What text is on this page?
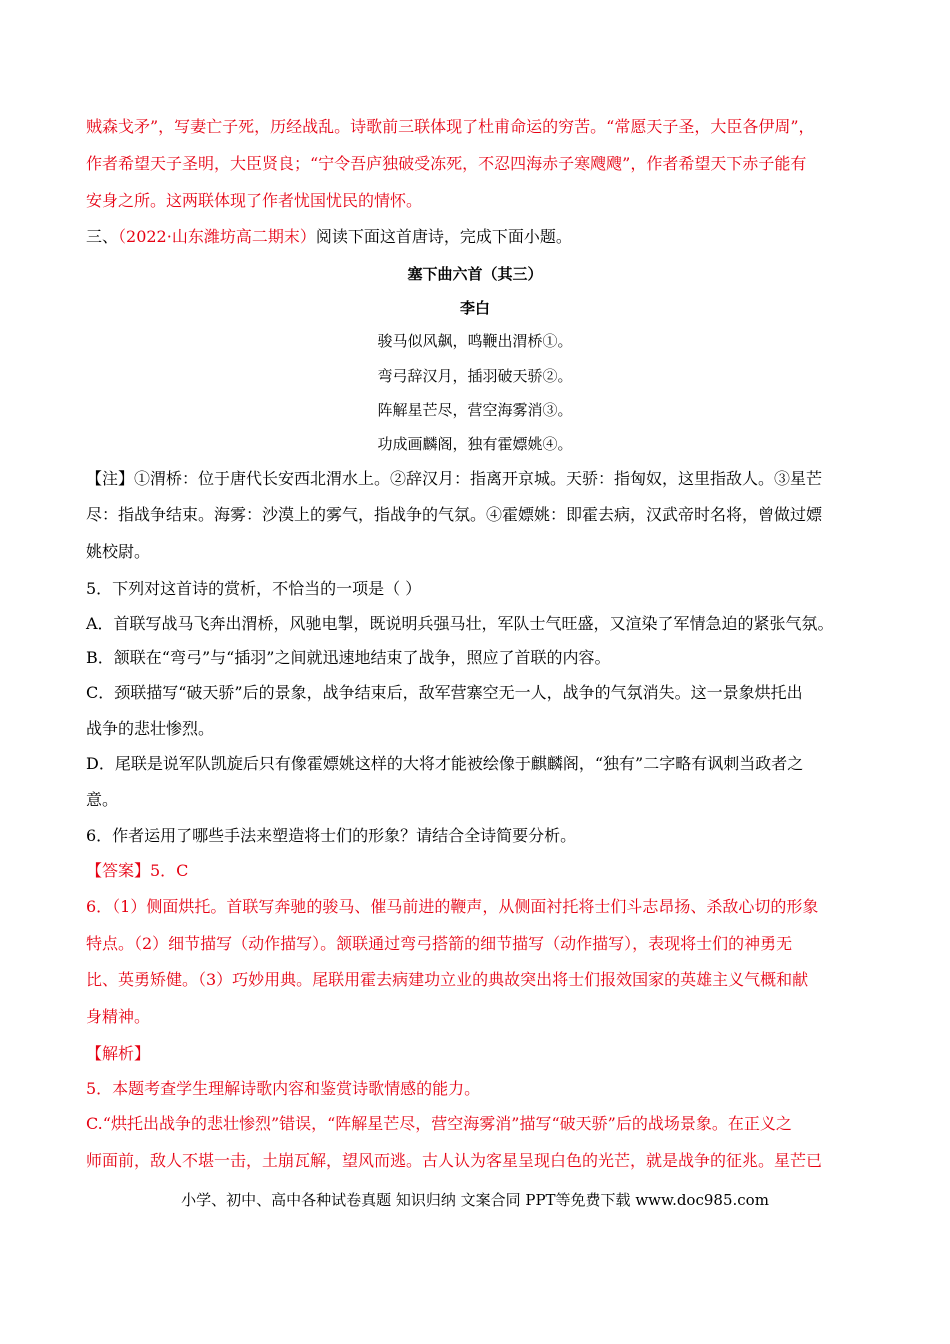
贼森戈矛”，写妻亡子死，历经战乱。诗歌前三联体现了杜甫命运的穷苦。“常愿天子圣，大臣各伊周”，
作者希望天子圣明，大臣贤良；“宁令吾庐独破受冻死，不忍四海赤子寒飕飕”，作者希望天下赤子能有
安身之所。这两联体现了作者忧国忧民的情怀。
三、（2022·山东潍坊高二期末）阅读下面这首唐诗，完成下面小题。
塞下曲六首（其三）
李白
骏马似风飙，鸣鞭出渭桥①。
弯弓辞汉月，插羽破天骄②。
阵解星芒尽，营空海雾消③。
功成画麟阁，独有霍嫖姚④。
【注】①渭桥：位于唐代长安西北渭水上。②辞汉月：指离开京城。天骄：指匈奴，这里指敌人。③星芒
尽：指战争结束。海雾：沙漠上的雾气，指战争的气氛。④霍嫖姚：即霍去病，汉武帝时名将，曾做过嫖
姚校尉。
5．下列对这首诗的赏析，不恰当的一项是（ ）
A．首联写战马飞奔出渭桥，风驰电掣，既说明兵强马壮，军队士气旺盛，又渲染了军情急迫的紧张气氛。
B．颔联在“弯弓”与“插羽”之间就迅速地结束了战争，照应了首联的内容。
C．颈联描写“破天骄”后的景象，战争结束后，敌军营寨空无一人，战争的气氛消失。这一景象烘托出
战争的悲壮惨烈。
D．尾联是说军队凯旋后只有像霍嫖姚这样的大将才能被绘像于麒麟阁，“独有”二字略有讽刺当政者之
意。
6．作者运用了哪些手法来塑造将士们的形象？请结合全诗简要分析。
【答案】5．C
6．（1）侧面烘托。首联写奔驰的骏马、催马前进的鞭声，从侧面衬托将士们斗志昂扬、杀敌心切的形象
特点。（2）细节描写（动作描写）。颔联通过弯弓搭箭的细节描写（动作描写），表现将士们的神勇无
比、英勇矫健。（3）巧妙用典。尾联用霍去病建功立业的典故突出将士们报效国家的英雄主义气概和献
身精神。
【解析】
5．本题考查学生理解诗歌内容和鉴赏诗歌情感的能力。
C.“烘托出战争的悲壮惨烈”错误，“阵解星芒尽，营空海雾消”描写“破天骄”后的战场景象。在正义之
师面前，敌人不堪一击，土崩瓦解，望风而逃。古人认为客星呈现白色的光芒，就是战争的征兆。星芒已
小学、初中、高中各种试卷真题 知识归纳 文案合同 PPT等免费下载 www.doc985.com
